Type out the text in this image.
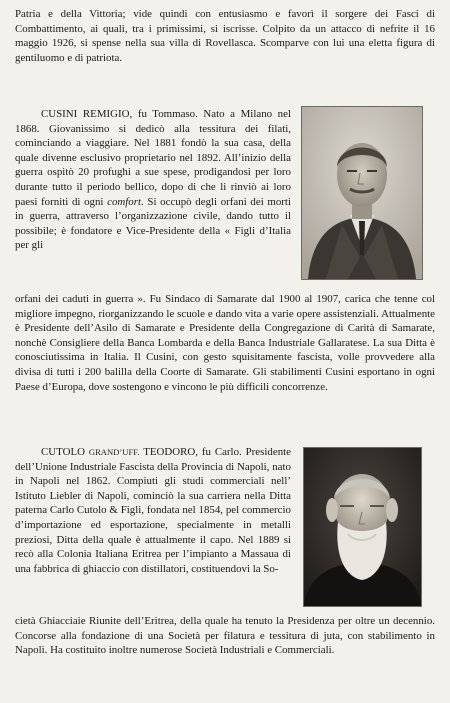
Patria e della Vittoria; vide quindi con entusiasmo e favorì il sorgere dei Fasci di Combattimento, ai quali, tra i primissimi, si iscrisse. Colpito da un attacco di nefrite il 16 maggio 1926, si spense nella sua villa di Rovellasca. Scomparve con lui una eletta figura di gentiluomo e di patriota.

CUSINI REMIGIO, fu Tommaso. Nato a Milano nel 1868. Giovanissimo si dedicò alla tessitura dei filati, cominciando a viaggiare. Nel 1881 fondò la sua casa, della quale divenne esclusivo proprietario nel 1892. All’inizio della guerra ospitò 20 profughi a sue spese, prodigandosi per loro durante tutto il periodo bellico, dopo di che li rinviò ai loro paesi forniti di ogni comfort. Si occupò degli orfani dei morti in guerra, attraverso l’organizzazione civile, dando tutto il possibile; è fondatore e Vice-Presidente della « Figli d’Italia per gli

orfani dei caduti in guerra ». Fu Sindaco di Samarate dal 1900 al 1907, carica che tenne col migliore impegno, riorganizzando le scuole e dando vita a varie opere assistenziali. Attualmente è Presidente dell’Asilo di Samarate e Presidente della Congregazione di Carità di Samarate, nonchè Consigliere della Banca Lombarda e della Banca Industriale Gallaratese. La sua Ditta è conosciutissima in Italia. Il Cusini, con gesto squisitamente fascista, volle provvedere alla divisa di tutti i 200 balilla della Coorte di Samarate. Gli stabilimenti Cusini esportano in ogni Paese d’Europa, dove sostengono e vincono le più difficili concorrenze.

CUTOLO GRAND’UFF. TEODORO, fu Carlo. Presidente dell’Unione Industriale Fascista della Provincia di Napoli, nato in Napoli nel 1862. Compiuti gli studi commerciali nell’ Istituto Liebler di Napoli, cominciò la sua carriera nella Ditta paterna Carlo Cutolo & Figli, fondata nel 1854, pel commercio d’importazione ed esportazione, specialmente in metalli preziosi, Ditta della quale è attualmente il capo. Nel 1889 si recò alla Colonia Italiana Eritrea per l’impianto a Massaua di una fabbrica di ghiaccio con distillatori, costituendovi la So-

cietà Ghiacciaie Riunite dell’Eritrea, della quale ha tenuto la Presidenza per oltre un decennio. Concorse alla fondazione di una Società per filatura e tessitura di juta, con stabilimento in Napoli. Ha costituito inoltre numerose Società Industriali e Commerciali.
